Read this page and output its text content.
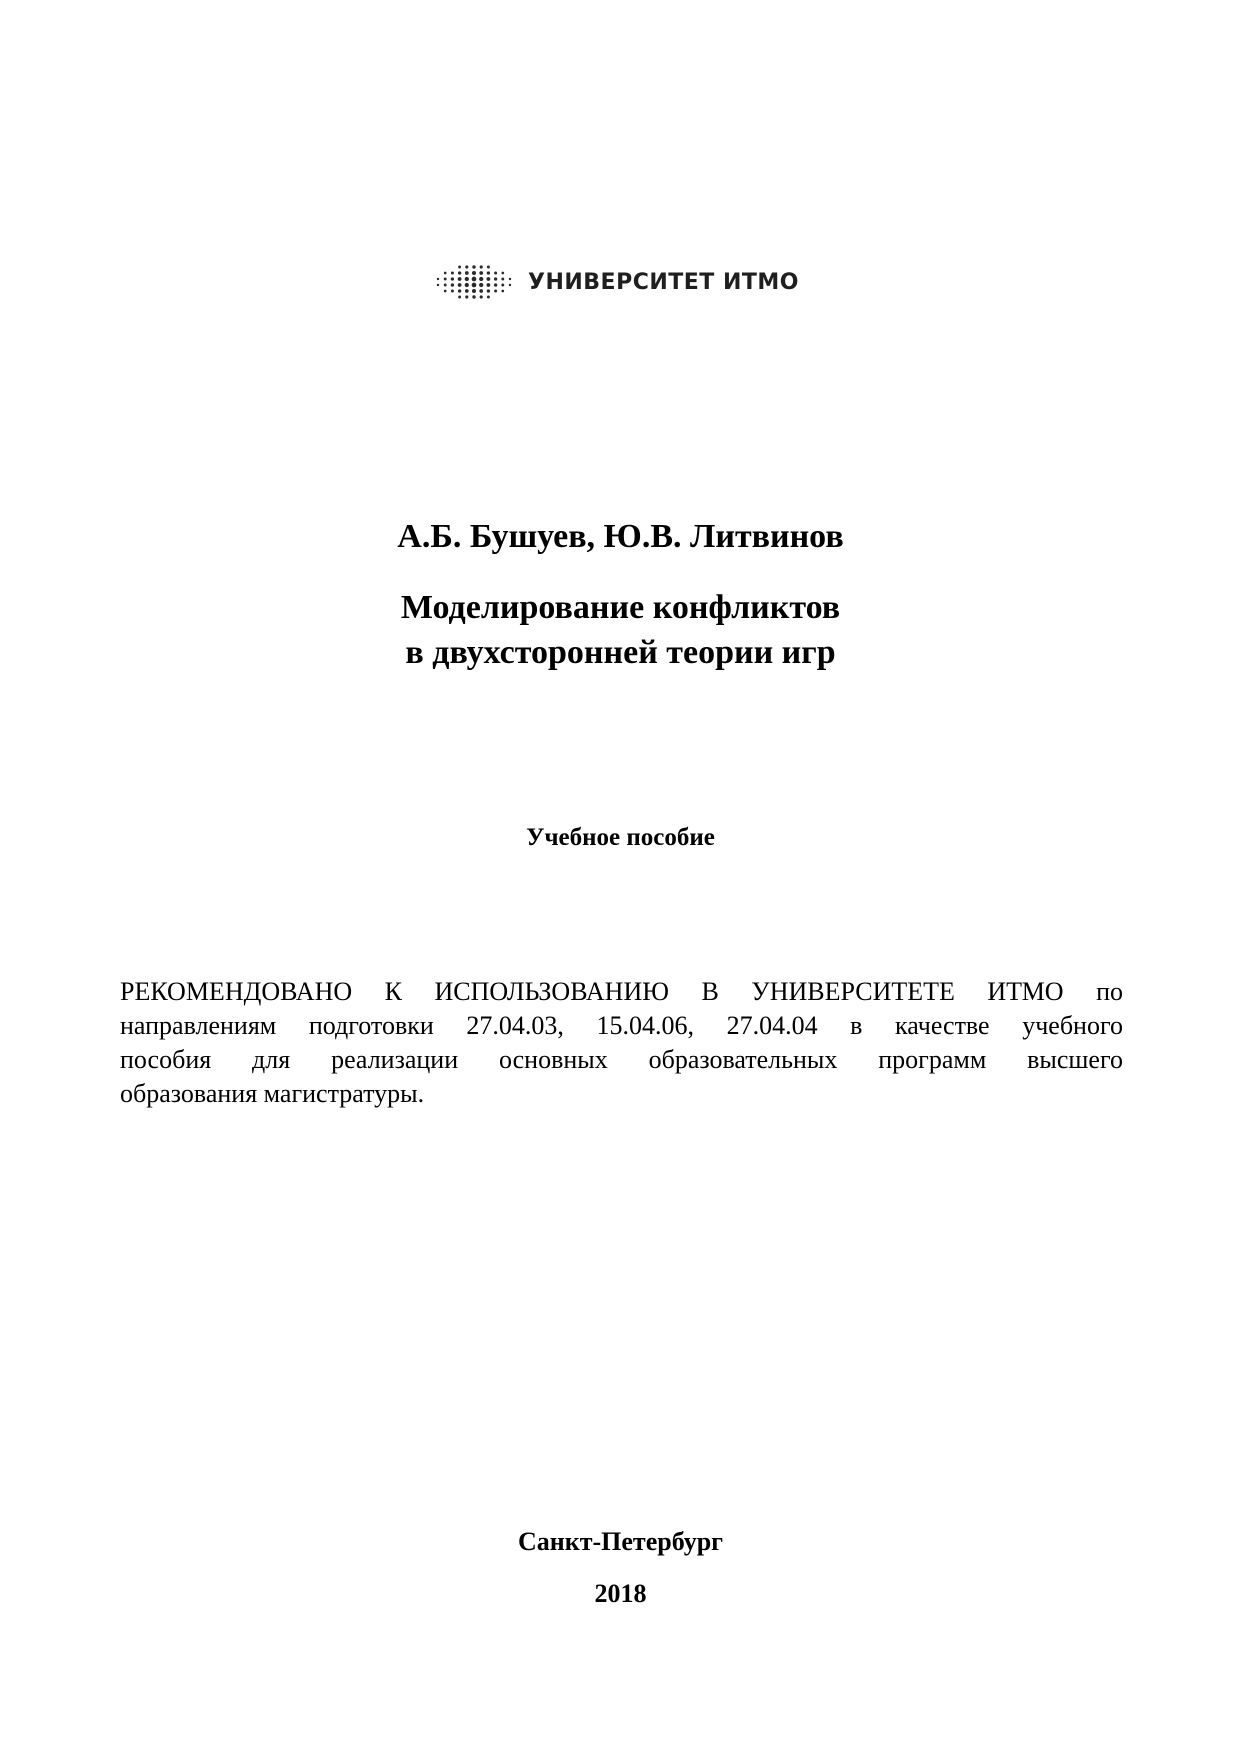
УНИВЕРСИТЕТ ИТМО
А.Б. Бушуев, Ю.В. Литвинов
Моделирование конфликтов
в двухсторонней теории игр
Учебное пособие
РЕКОМЕНДОВАНО К ИСПОЛЬЗОВАНИЮ В УНИВЕРСИТЕТЕ ИТМО по
направлениям подготовки 27.04.03, 15.04.06, 27.04.04 в качестве учебного
пособия для реализации основных образовательных программ высшего
образования магистратуры.
Санкт-Петербург
2018
